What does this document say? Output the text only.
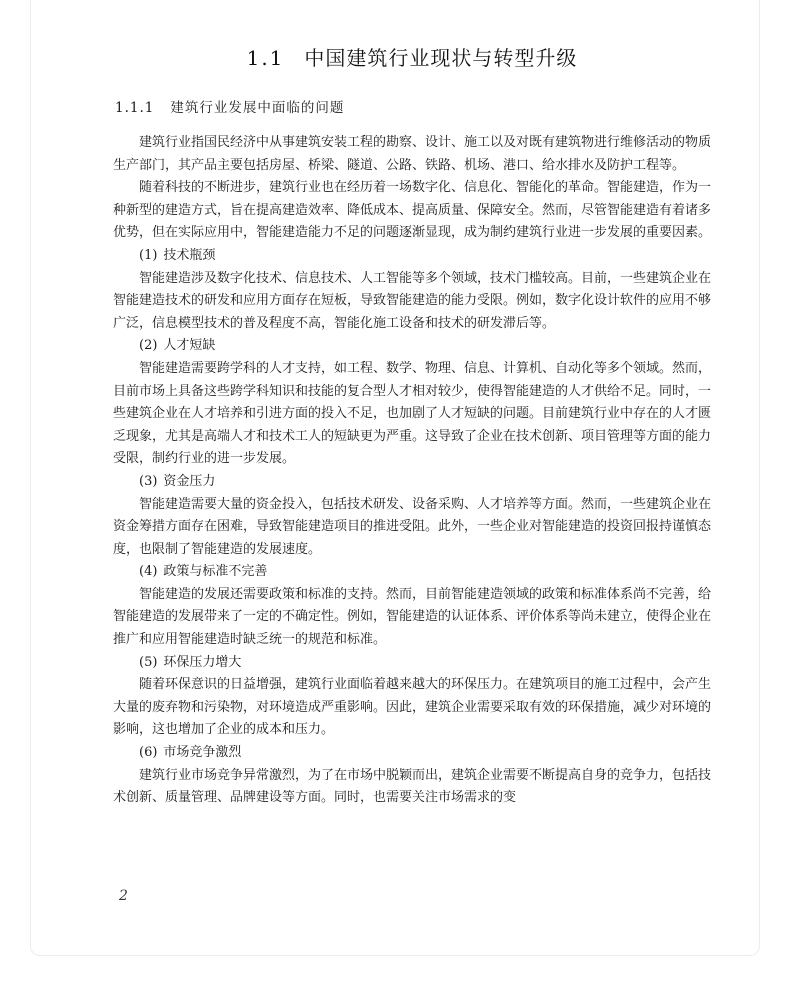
1.1 中国建筑行业现状与转型升级
1.1.1 建筑行业发展中面临的问题

建筑行业指国民经济中从事建筑安装工程的勘察、设计、施工以及对既有建筑物进行维修活动的物质生产部门，其产品主要包括房屋、桥梁、隧道、公路、铁路、机场、港口、给水排水及防护工程等。

随着科技的不断进步，建筑行业也在经历着一场数字化、信息化、智能化的革命。智能建造，作为一种新型的建造方式，旨在提高建造效率、降低成本、提高质量、保障安全。然而，尽管智能建造有着诸多优势，但在实际应用中，智能建造能力不足的问题逐渐显现，成为制约建筑行业进一步发展的重要因素。

(1) 技术瓶颈

智能建造涉及数字化技术、信息技术、人工智能等多个领域，技术门槛较高。目前，一些建筑企业在智能建造技术的研发和应用方面存在短板，导致智能建造的能力受限。例如，数字化设计软件的应用不够广泛，信息模型技术的普及程度不高，智能化施工设备和技术的研发滞后等。

(2) 人才短缺

智能建造需要跨学科的人才支持，如工程、数学、物理、信息、计算机、自动化等多个领域。然而，目前市场上具备这些跨学科知识和技能的复合型人才相对较少，使得智能建造的人才供给不足。同时，一些建筑企业在人才培养和引进方面的投入不足，也加剧了人才短缺的问题。目前建筑行业中存在的人才匮乏现象，尤其是高端人才和技术工人的短缺更为严重。这导致了企业在技术创新、项目管理等方面的能力受限，制约行业的进一步发展。

(3) 资金压力

智能建造需要大量的资金投入，包括技术研发、设备采购、人才培养等方面。然而，一些建筑企业在资金筹措方面存在困难，导致智能建造项目的推进受阻。此外，一些企业对智能建造的投资回报持谨慎态度，也限制了智能建造的发展速度。

(4) 政策与标准不完善

智能建造的发展还需要政策和标准的支持。然而，目前智能建造领域的政策和标准体系尚不完善，给智能建造的发展带来了一定的不确定性。例如，智能建造的认证体系、评价体系等尚未建立，使得企业在推广和应用智能建造时缺乏统一的规范和标准。

(5) 环保压力增大

随着环保意识的日益增强，建筑行业面临着越来越大的环保压力。在建筑项目的施工过程中，会产生大量的废弃物和污染物，对环境造成严重影响。因此，建筑企业需要采取有效的环保措施，减少对环境的影响，这也增加了企业的成本和压力。

(6) 市场竞争激烈

建筑行业市场竞争异常激烈，为了在市场中脱颖而出，建筑企业需要不断提高自身的竞争力，包括技术创新、质量管理、品牌建设等方面。同时，也需要关注市场需求的变

2
